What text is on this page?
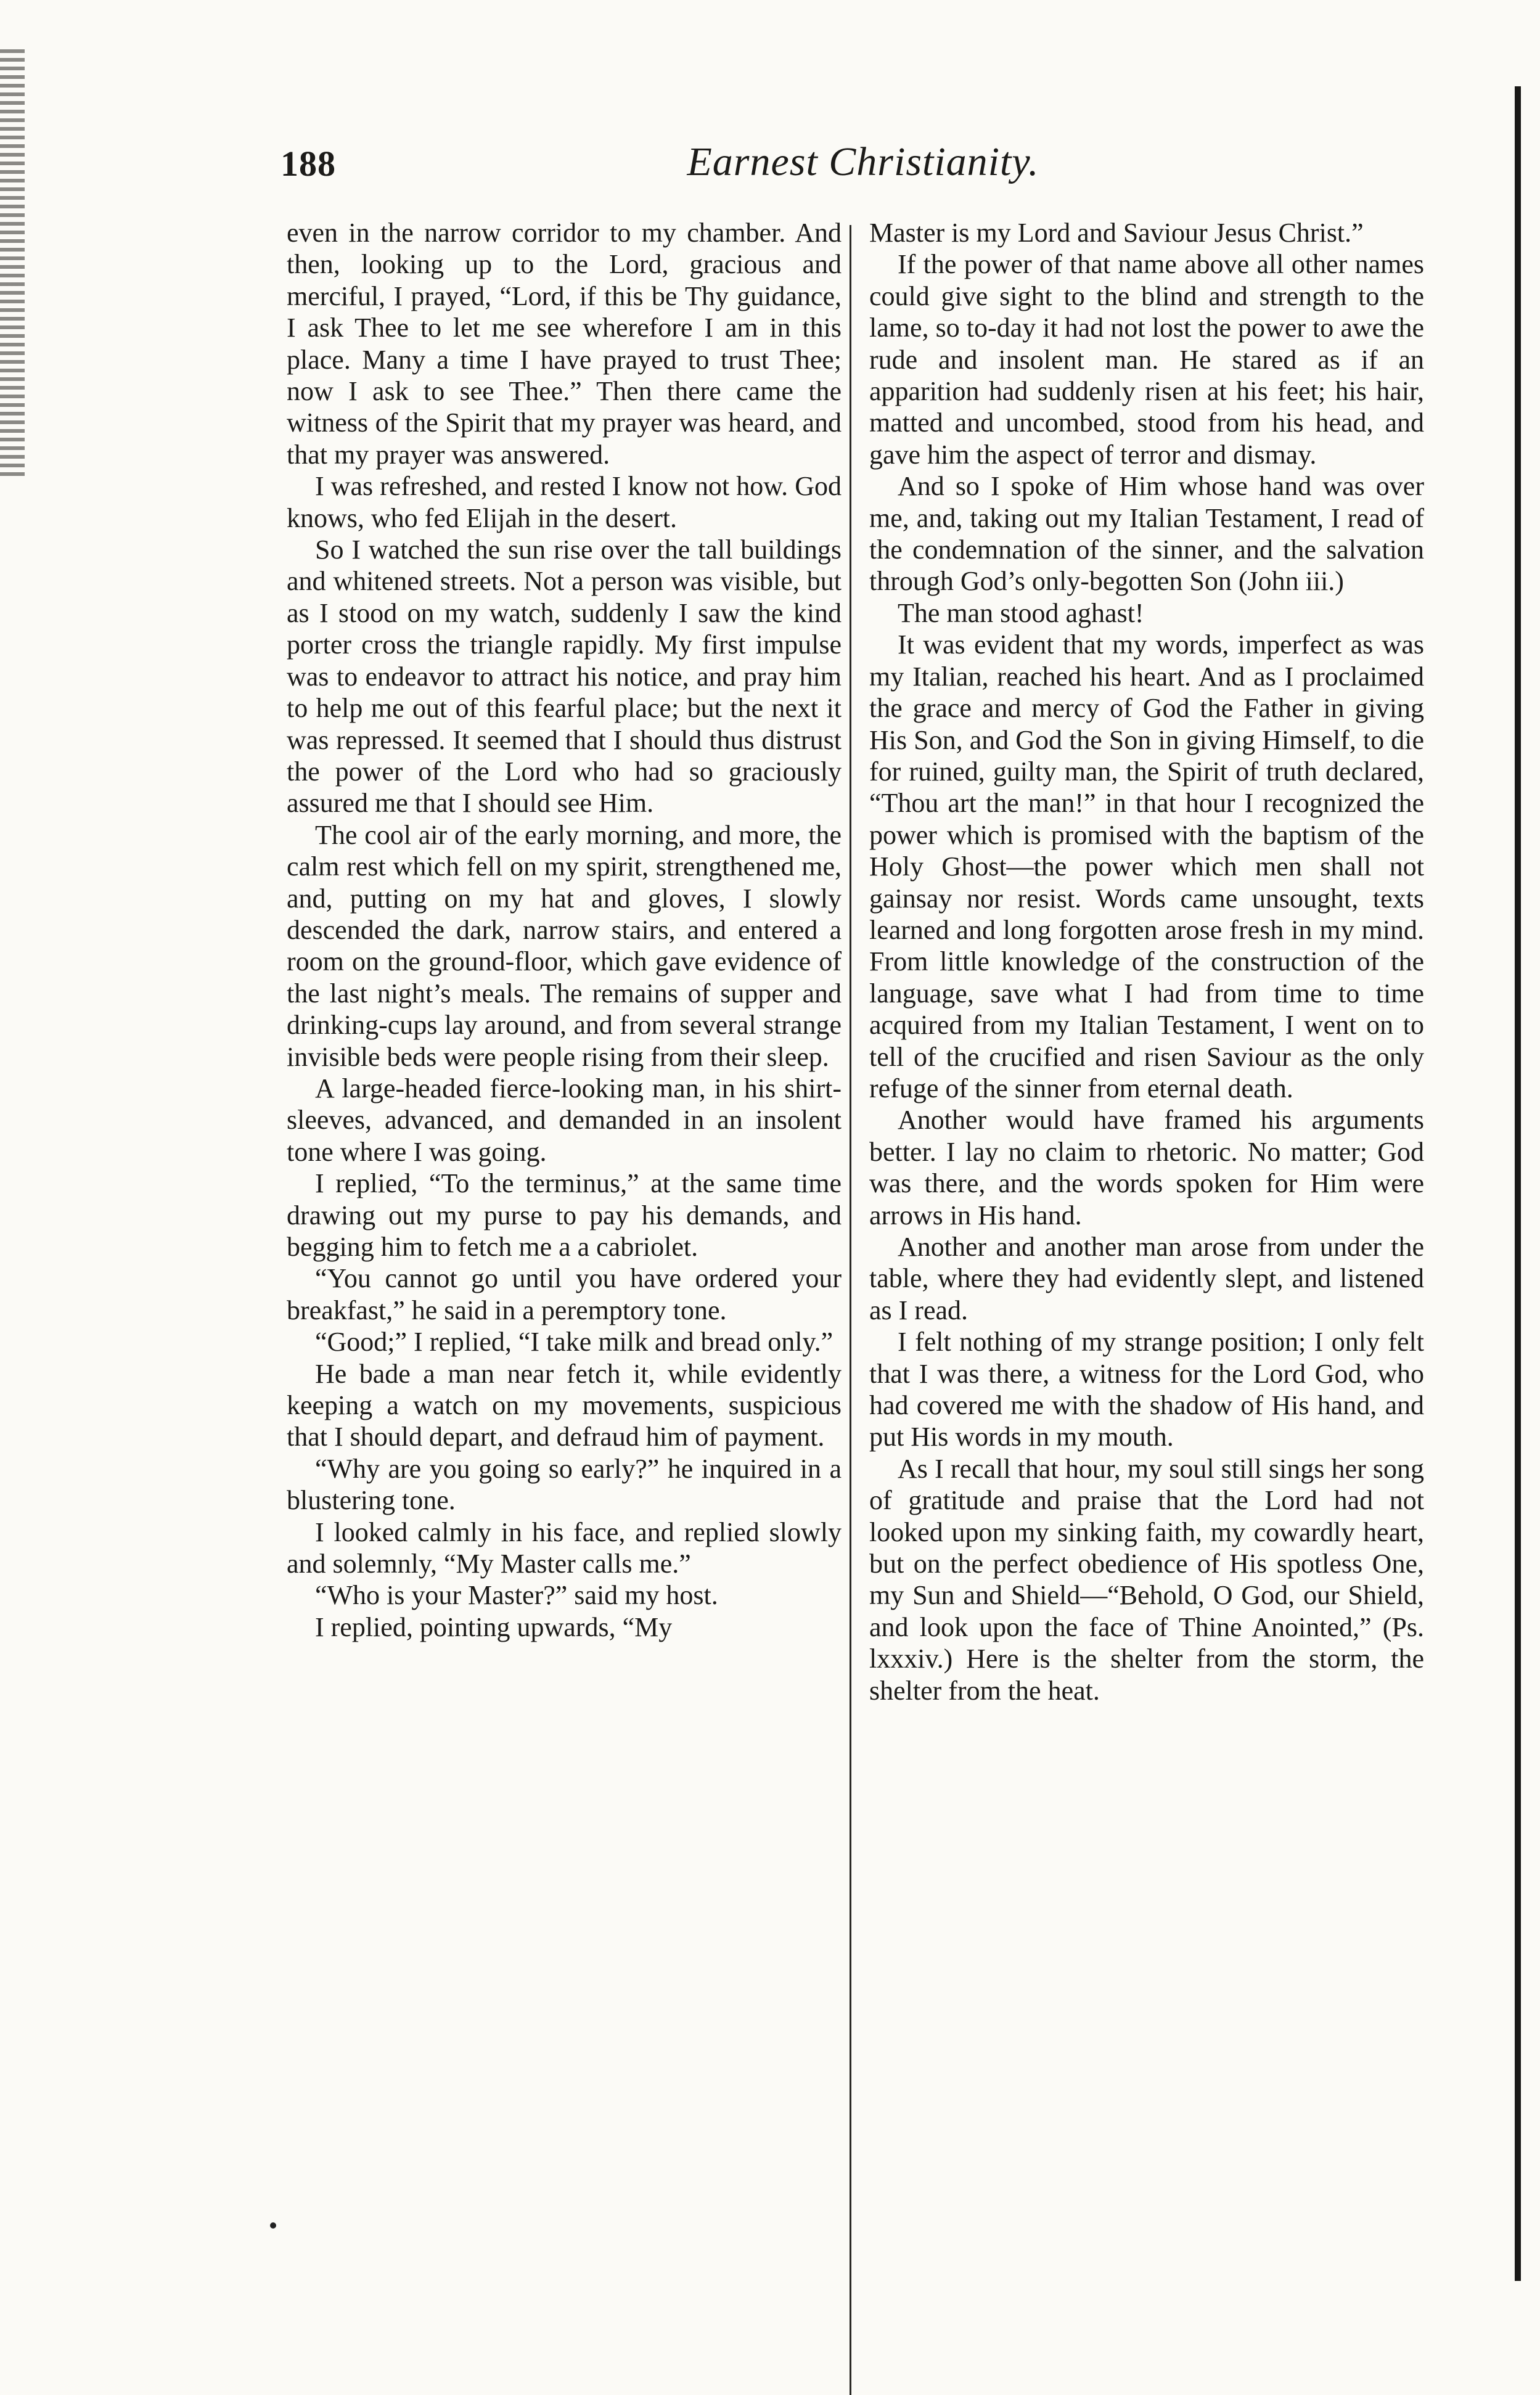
188	Earnest Christianity.

even in the narrow corridor to my chamber. And then, looking up to the Lord, gracious and merciful, I prayed, “Lord, if this be Thy guidance, I ask Thee to let me see wherefore I am in this place. Many a time I have prayed to trust Thee; now I ask to see Thee.” Then there came the witness of the Spirit that my prayer was heard, and that my prayer was answered.

I was refreshed, and rested I know not how. God knows, who fed Elijah in the desert.

So I watched the sun rise over the tall buildings and whitened streets. Not a person was visible, but as I stood on my watch, suddenly I saw the kind porter cross the triangle rapidly. My first impulse was to endeavor to attract his notice, and pray him to help me out of this fearful place; but the next it was repressed. It seemed that I should thus distrust the power of the Lord who had so graciously assured me that I should see Him.

The cool air of the early morning, and more, the calm rest which fell on my spirit, strengthened me, and, putting on my hat and gloves, I slowly descended the dark, narrow stairs, and entered a room on the ground-floor, which gave evidence of the last night’s meals. The remains of supper and drinking-cups lay around, and from several strange invisible beds were people rising from their sleep.

A large-headed fierce-looking man, in his shirt-sleeves, advanced, and demanded in an insolent tone where I was going.

I replied, “To the terminus,” at the same time drawing out my purse to pay his demands, and begging him to fetch me a a cabriolet.

“You cannot go until you have ordered your breakfast,” he said in a peremptory tone.

“Good;” I replied, “I take milk and bread only.”

He bade a man near fetch it, while evidently keeping a watch on my movements, suspicious that I should depart, and defraud him of payment.

“Why are you going so early?” he inquired in a blustering tone.

I looked calmly in his face, and replied slowly and solemnly, “My Master calls me.”

“Who is your Master?” said my host.

I replied, pointing upwards, “My

Master is my Lord and Saviour Jesus Christ.”

If the power of that name above all other names could give sight to the blind and strength to the lame, so to-day it had not lost the power to awe the rude and insolent man. He stared as if an apparition had suddenly risen at his feet; his hair, matted and uncombed, stood from his head, and gave him the aspect of terror and dismay.

And so I spoke of Him whose hand was over me, and, taking out my Italian Testament, I read of the condemnation of the sinner, and the salvation through God’s only-begotten Son (John iii.)

The man stood aghast!

It was evident that my words, imperfect as was my Italian, reached his heart. And as I proclaimed the grace and mercy of God the Father in giving His Son, and God the Son in giving Himself, to die for ruined, guilty man, the Spirit of truth declared, “Thou art the man!” in that hour I recognized the power which is promised with the baptism of the Holy Ghost—the power which men shall not gainsay nor resist. Words came unsought, texts learned and long forgotten arose fresh in my mind. From little knowledge of the construction of the language, save what I had from time to time acquired from my Italian Testament, I went on to tell of the crucified and risen Saviour as the only refuge of the sinner from eternal death.

Another would have framed his arguments better. I lay no claim to rhetoric. No matter; God was there, and the words spoken for Him were arrows in His hand.

Another and another man arose from under the table, where they had evidently slept, and listened as I read.

I felt nothing of my strange position; I only felt that I was there, a witness for the Lord God, who had covered me with the shadow of His hand, and put His words in my mouth.

As I recall that hour, my soul still sings her song of gratitude and praise that the Lord had not looked upon my sinking faith, my cowardly heart, but on the perfect obedience of His spotless One, my Sun and Shield—“Behold, O God, our Shield, and look upon the face of Thine Anointed,” (Ps. lxxxiv.) Here is the shelter from the storm, the shelter from the heat.
